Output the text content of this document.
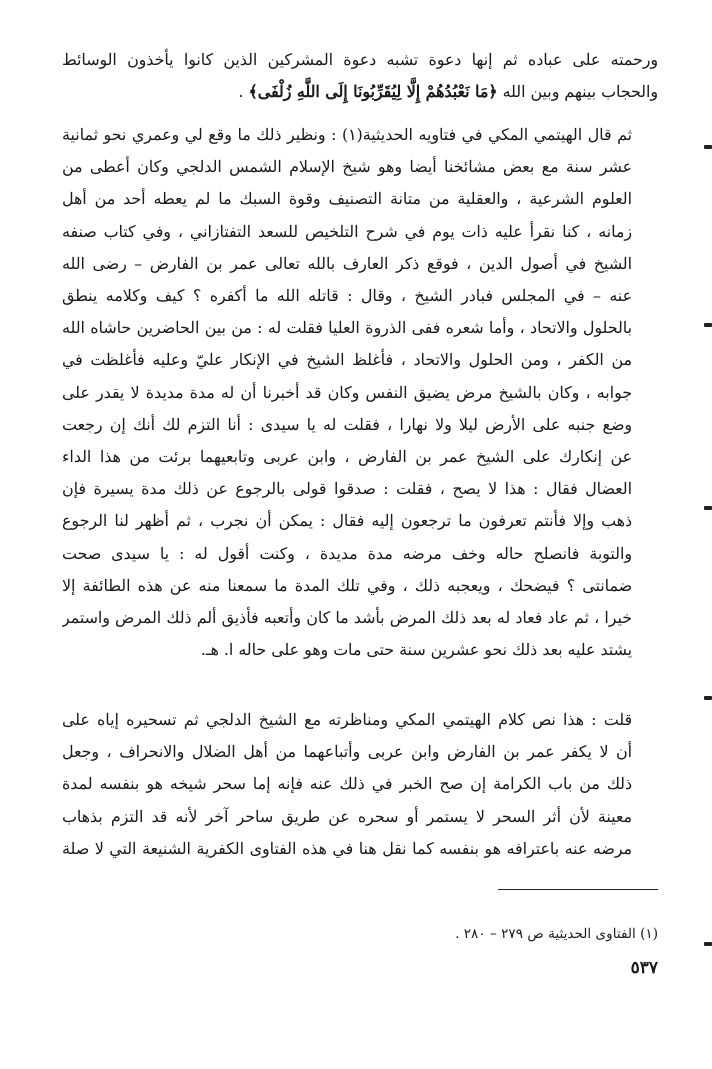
ورحمته على عباده ثم إنها دعوة تشبه دعوة المشركين الذين كانوا يأخذون الوسائط
والحجاب بينهم وبين الله ﴿مَا نَعْبُدُهُمْ إِلَّا لِيُقَرِّبُونَا إِلَى اللَّهِ زُلْفَى﴾ .
ثم قال الهيتمي المكي في فتاويه الحديثية(١) : ونظير ذلك ما وقع لي وعمري نحو ثمانية
عشر سنة مع بعض مشائخنا أيضا وهو شيخ الإسلام الشمس الدلجي وكان أعطى من
العلوم الشرعية ، والعقلية من متانة التصنيف وقوة السبك ما لم يعطه أحد من أهل
زمانه ، كنا نقرأ عليه ذات يوم في شرح التلخيص للسعد التفتازاني ، وفي كتاب صنفه
الشيخ في أصول الدين ، فوقع ذكر العارف بالله تعالى عمر بن الفارض – رضى الله
عنه – في المجلس فبادر الشيخ ، وقال : قاتله الله ما أكفره ؟ كيف وكلامه ينطق
بالحلول والاتحاد ، وأما شعره ففى الذروة العليا فقلت له : من بين الحاضرين حاشاه الله
من الكفر ، ومن الحلول والاتحاد ، فأغلظ الشيخ في الإنكار عليّ وعليه فأغلظت في
جوابه ، وكان بالشيخ مرض يضيق النفس وكان قد أخبرنا أن له مدة مديدة لا يقدر على
وضع جنبه على الأرض ليلا ولا نهارا ، فقلت له يا سيدى : أنا التزم لك أنك إن رجعت
عن إنكارك على الشيخ عمر بن الفارض ، وابن عربى وتابعيهما برئت من هذا الداء
العضال فقال : هذا لا يصح ، فقلت : صدقوا قولى بالرجوع عن ذلك مدة يسيرة فإن
ذهب وإلا فأنتم تعرفون ما ترجعون إليه فقال : يمكن أن نجرب ، ثم أظهر لنا الرجوع
والتوبة فانصلح حاله وخف مرضه مدة مديدة ، وكنت أقول له : يا سيدى صحت
ضمانتى ؟ فيضحك ، ويعجبه ذلك ، وفي تلك المدة ما سمعنا منه عن هذه الطائفة إلا
خيرا ، ثم عاد فعاد له بعد ذلك المرض بأشد ما كان وأتعبه فأذيق ألم ذلك المرض واستمر
يشتد عليه بعد ذلك نحو عشرين سنة حتى مات وهو على حاله ا. هـ.
قلت : هذا نص كلام الهيتمي المكي ومناظرته مع الشيخ الدلجي ثم تسحيره إياه على
أن لا يكفر عمر بن الفارض وابن عربى وأتباعهما من أهل الضلال والانحراف ، وجعل
ذلك من باب الكرامة إن صح الخبر في ذلك عنه فإنه إما سحر شيخه هو بنفسه لمدة
معينة لأن أثر السحر لا يستمر أو سحره عن طريق ساحر آخر لأنه قد التزم بذهاب
مرضه عنه باعترافه هو بنفسه كما نقل هنا في هذه الفتاوى الكفرية الشنيعة التي لا صلة
(١) الفتاوى الحديثية ص ٢٧٩ – ٢٨٠ .
٥٣٧
